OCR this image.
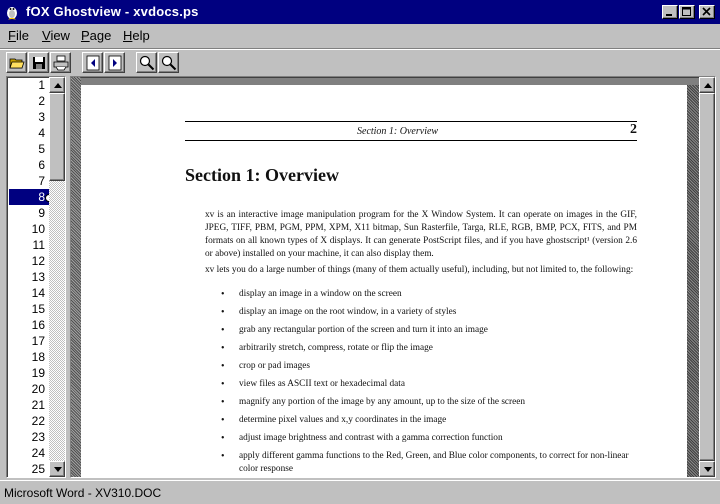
fOX Ghostview - xvdocs.ps
File View Page Help
1
2
3
4
5
6
7
8
9
10
11
12
13
14
15
16
17
18
19
20
21
22
23
24
25
Section 1: Overview	2
Section 1: Overview

xv is an interactive image manipulation program for the X Window System. It can operate on images in the GIF, JPEG, TIFF, PBM, PGM, PPM, XPM, X11 bitmap, Sun Rasterfile, Targa, RLE, RGB, BMP, PCX, FITS, and PM formats on all known types of X displays. It can generate PostScript files, and if you have ghostscript¹ (version 2.6 or above) installed on your machine, it can also display them.

xv lets you do a large number of things (many of them actually useful), including, but not limited to, the following:

• display an image in a window on the screen
• display an image on the root window, in a variety of styles
• grab any rectangular portion of the screen and turn it into an image
• arbitrarily stretch, compress, rotate or flip the image
• crop or pad images
• view files as ASCII text or hexadecimal data
• magnify any portion of the image by any amount, up to the size of the screen
• determine pixel values and x,y coordinates in the image
• adjust image brightness and contrast with a gamma correction function
• apply different gamma functions to the Red, Green, and Blue color components, to correct for non-linear color response
Microsoft Word - XV310.DOC
